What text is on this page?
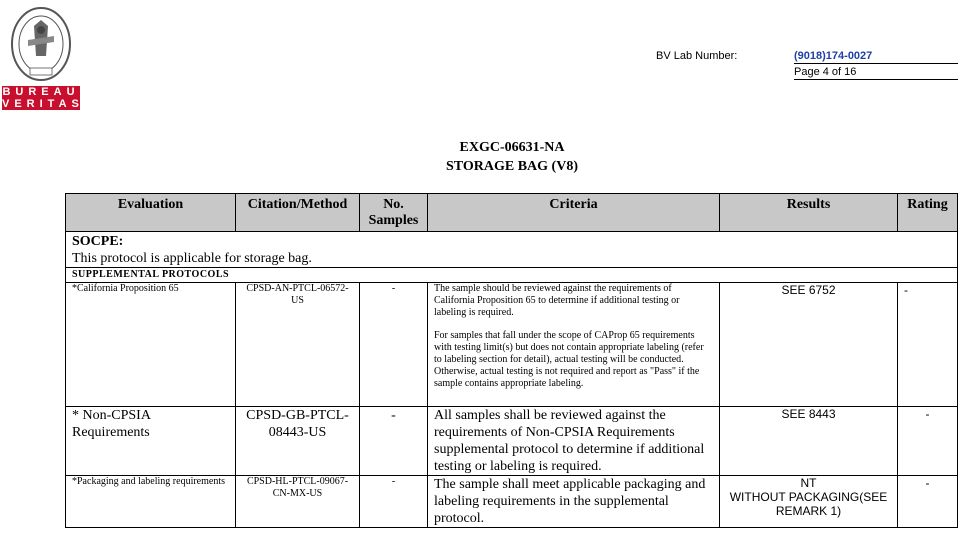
BUREAU
VERITAS
BV Lab Number:	(9018)174-0027
Page 4 of 16
EXGC-06631-NA
STORAGE BAG (V8)
Evaluation	Citation/Method	No. Samples	Criteria	Results	Rating

SOCPE:
This protocol is applicable for storage bag.					

SUPPLEMENTAL PROTOCOLS					

*California Proposition 65	CPSD-AN-PTCL-06572-US	-	The sample should be reviewed against the requirements of California Proposition 65 to determine if additional testing or labeling is required.

For samples that fall under the scope of CAProp 65 requirements with testing limit(s) but does not contain appropriate labeling (refer to labeling section for detail), actual testing will be conducted.
Otherwise, actual testing is not required and report as "Pass" if the sample contains appropriate labeling.	SEE 6752	-
* Non-CPSIA Requirements	CPSD-GB-PTCL-08443-US	-	All samples shall be reviewed against the requirements of Non-CPSIA Requirements supplemental protocol to determine if additional testing or labeling is required.	SEE 8443	-
*Packaging and labeling requirements	CPSD-HL-PTCL-09067-CN-MX-US	-	The sample shall meet applicable packaging and labeling requirements in the supplemental protocol.	NT
WITHOUT PACKAGING(SEE REMARK 1)	-
